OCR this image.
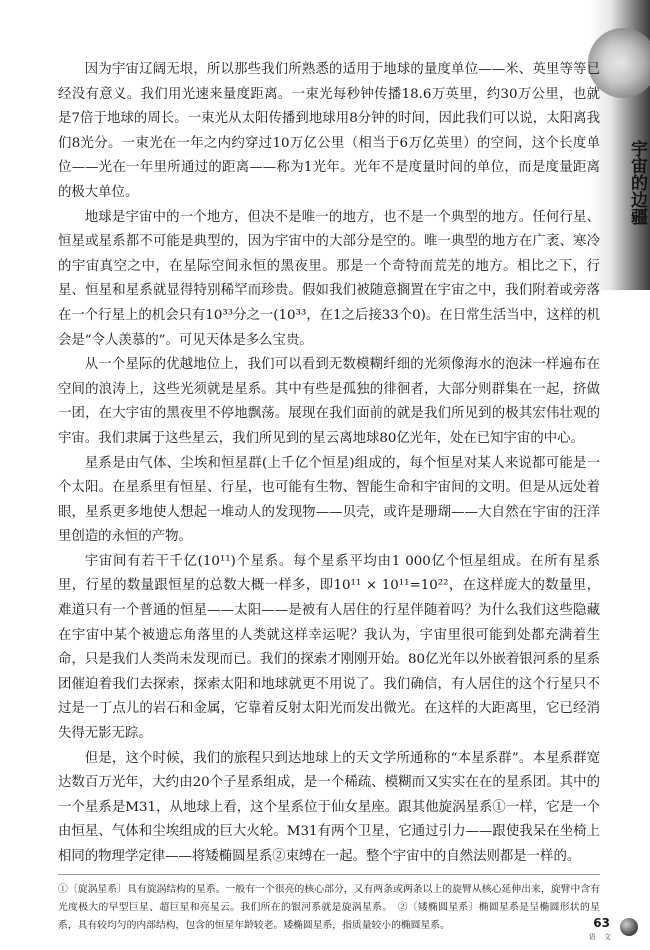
宇宙的边疆

因为宇宙辽阔无垠，所以那些我们所熟悉的适用于地球的量度单位——米、英里等等已经没有意义。我们用光速来量度距离。一束光每秒钟传播18.6万英里，约30万公里，也就是7倍于地球的周长。一束光从太阳传播到地球用8分钟的时间，因此我们可以说，太阳离我们8光分。一束光在一年之内约穿过10万亿公里（相当于6万亿英里）的空间，这个长度单位——光在一年里所通过的距离——称为1光年。光年不是度量时间的单位，而是度量距离的极大单位。

地球是宇宙中的一个地方，但决不是唯一的地方，也不是一个典型的地方。任何行星、恒星或星系都不可能是典型的，因为宇宙中的大部分是空的。唯一典型的地方在广袤、寒冷的宇宙真空之中，在星际空间永恒的黑夜里。那是一个奇特而荒芜的地方。相比之下，行星、恒星和星系就显得特别稀罕而珍贵。假如我们被随意搁置在宇宙之中，我们附着或旁落在一个行星上的机会只有10³³分之一(10³³，在1之后接33个0)。在日常生活当中，这样的机会是“令人羡慕的”。可见天体是多么宝贵。

从一个星际的优越地位上，我们可以看到无数模糊纤细的光须像海水的泡沫一样遍布在空间的浪涛上，这些光须就是星系。其中有些是孤独的徘徊者，大部分则群集在一起，挤做一团，在大宇宙的黑夜里不停地飘荡。展现在我们面前的就是我们所见到的极其宏伟壮观的宇宙。我们隶属于这些星云，我们所见到的星云离地球80亿光年，处在已知宇宙的中心。

星系是由气体、尘埃和恒星群(上千亿个恒星)组成的，每个恒星对某人来说都可能是一个太阳。在星系里有恒星、行星，也可能有生物、智能生命和宇宙间的文明。但是从远处着眼，星系更多地使人想起一堆动人的发现物——贝壳，或许是珊瑚——大自然在宇宙的汪洋里创造的永恒的产物。

宇宙间有若干千亿(10¹¹)个星系。每个星系平均由1 000亿个恒星组成。在所有星系里，行星的数量跟恒星的总数大概一样多，即10¹¹ × 10¹¹=10²²，在这样庞大的数量里，难道只有一个普通的恒星——太阳——是被有人居住的行星伴随着吗？为什么我们这些隐藏在宇宙中某个被遗忘角落里的人类就这样幸运呢？我认为，宇宙里很可能到处都充满着生命，只是我们人类尚未发现而已。我们的探索才刚刚开始。80亿光年以外嵌着银河系的星系团催迫着我们去探索，探索太阳和地球就更不用说了。我们确信，有人居住的这个行星只不过是一丁点儿的岩石和金属，它靠着反射太阳光而发出微光。在这样的大距离里，它已经消失得无影无踪。

但是，这个时候，我们的旅程只到达地球上的天文学所通称的“本星系群”。本星系群宽达数百万光年，大约由20个子星系组成，是一个稀疏、模糊而又实实在在的星系团。其中的一个星系是M31，从地球上看，这个星系位于仙女星座。跟其他旋涡星系①一样，它是一个由恒星、气体和尘埃组成的巨大火轮。M31有两个卫星，它通过引力——跟使我呆在坐椅上相同的物理学定律——将矮椭圆星系②束缚在一起。整个宇宙中的自然法则都是一样的。

①〔旋涡星系〕具有旋涡结构的星系。一般有一个很亮的核心部分，又有两条或两条以上的旋臂从核心延伸出来，旋臂中含有光度极大的早型巨星、超巨星和亮星云。我们所在的银河系就是旋涡星系。　②〔矮椭圆星系〕椭圆星系是呈椭圆形状的星系，具有较均匀的内部结构，包含的恒星年龄较老。矮椭圆星系，指质量较小的椭圆星系。	63
语 文
